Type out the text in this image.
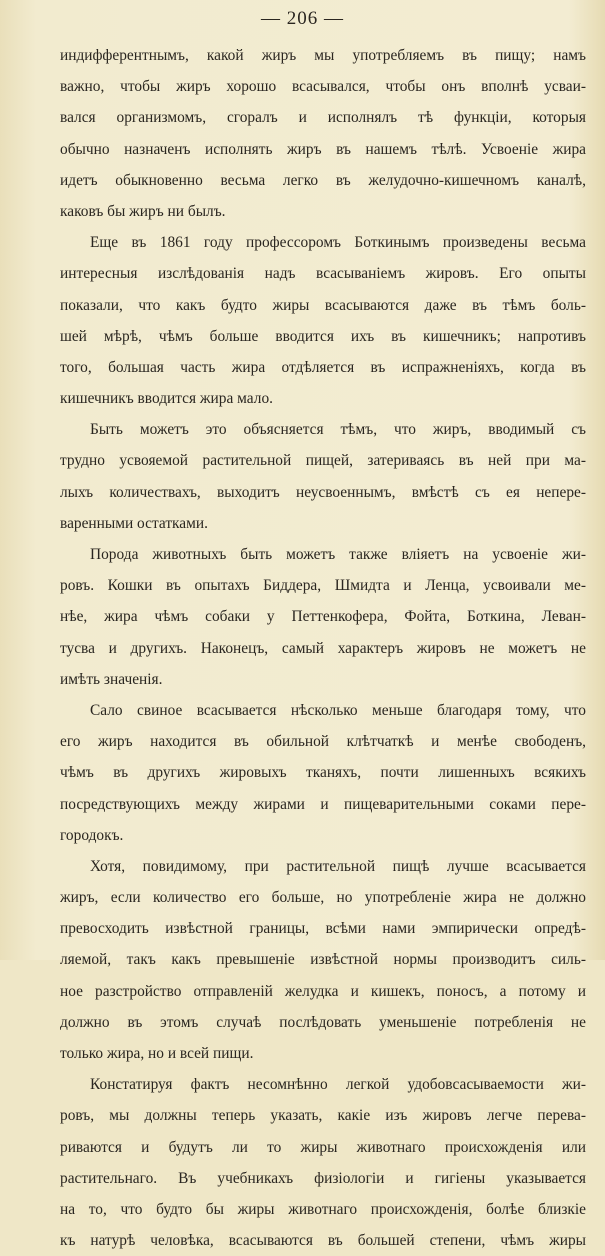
— 206 —
индифферентнымъ, какой жиръ мы употребляемъ въ пищу; намъ
важно, чтобы жиръ хорошо всасывался, чтобы онъ вполнѣ усваи-
вался организмомъ, сгоралъ и исполнялъ тѣ функціи, которыя
обычно назначенъ исполнять жиръ въ нашемъ тѣлѣ. Усвоеніе жира
идетъ обыкновенно весьма легко въ желудочно-кишечномъ каналѣ,
каковъ бы жиръ ни былъ.
Еще въ 1861 году профессоромъ Боткинымъ произведены весьма
интересныя изслѣдованія надъ всасываніемъ жировъ. Его опыты
показали, что какъ будто жиры всасываются даже въ тѣмъ боль-
шей мѣрѣ, чѣмъ больше вводится ихъ въ кишечникъ; напротивъ
того, большая часть жира отдѣляется въ испражненіяхъ, когда въ
кишечникъ вводится жира мало.
Быть можетъ это объясняется тѣмъ, что жиръ, вводимый съ
трудно усвояемой растительной пищей, затериваясь въ ней при ма-
лыхъ количествахъ, выходитъ неусвоеннымъ, вмѣстѣ съ ея непере-
варенными остатками.
Порода животныхъ быть можетъ также вліяетъ на усвоеніе жи-
ровъ. Кошки въ опытахъ Биддера, Шмидта и Ленца, усвоивали ме-
нѣе, жира чѣмъ собаки у Петтенкофера, Фойта, Боткина, Леван-
тусва и другихъ. Наконецъ, самый характеръ жировъ не можетъ не
имѣть значенія.
Сало свиное всасывается нѣсколько меньше благодаря тому, что
его жиръ находится въ обильной клѣтчаткѣ и менѣе свободенъ,
чѣмъ въ другихъ жировыхъ тканяхъ, почти лишенныхъ всякихъ
посредствующихъ между жирами и пищеварительными соками пере-
городокъ.
Хотя, повидимому, при растительной пищѣ лучше всасывается
жиръ, если количество его больше, но употребленіе жира не должно
превосходить извѣстной границы, всѣми нами эмпирически опредѣ-
ляемой, такъ какъ превышеніе извѣстной нормы производитъ силь-
ное разстройство отправленій желудка и кишекъ, поносъ, а потому и
должно въ этомъ случаѣ послѣдовать уменьшеніе потребленія не
только жира, но и всей пищи.
Констатируя фактъ несомнѣнно легкой удобовсасываемости жи-
ровъ, мы должны теперь указать, какіе изъ жировъ легче перева-
риваются и будутъ ли то жиры животнаго происхожденія или
растительнаго. Въ учебникахъ физіологіи и гигіены указывается
на то, что будто бы жиры животнаго происхожденія, болѣе близкіе
къ натурѣ человѣка, всасываются въ большей степени, чѣмъ жиры
